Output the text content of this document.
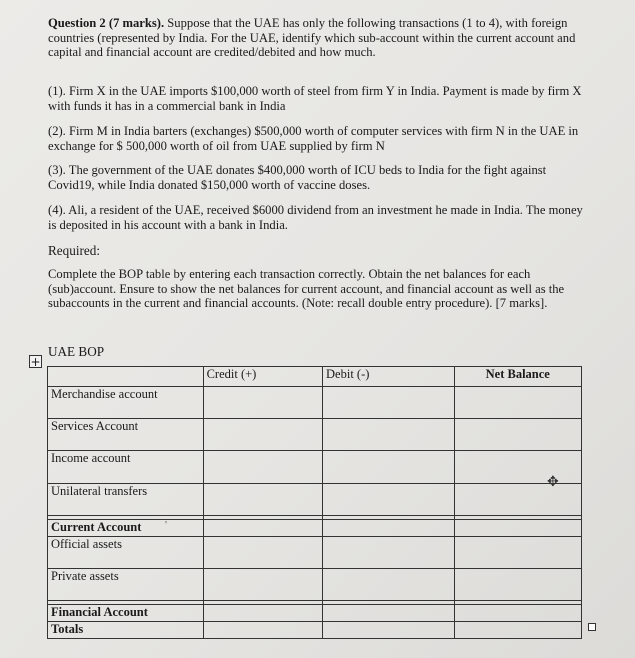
Question 2 (7 marks). Suppose that the UAE has only the following transactions (1 to 4), with foreign countries (represented by India. For the UAE, identify which sub-account within the current account and capital and financial account are credited/debited and how much.
(1). Firm X in the UAE imports $100,000 worth of steel from firm Y in India. Payment is made by firm X with funds it has in a commercial bank in India
(2). Firm M in India barters (exchanges) $500,000 worth of computer services with firm N in the UAE in exchange for $ 500,000 worth of oil from UAE supplied by firm N
(3). The government of the UAE donates $400,000 worth of ICU beds to India for the fight against Covid19, while India donated $150,000 worth of vaccine doses.
(4). Ali, a resident of the UAE, received $6000 dividend from an investment he made in India. The money is deposited in his account with a bank in India.
Required:
Complete the BOP table by entering each transaction correctly. Obtain the net balances for each (sub)account. Ensure to show the net balances for current account, and financial account as well as the subaccounts in the current and financial accounts. (Note: recall double entry procedure). [7 marks].
UAE BOP
+
	Credit (+)	Debit (-)	Net Balance
Merchandise account			
Services Account			
Income account			
Unilateral transfers			

Current Account			
Official assets			
Private assets			

Financial Account			
Totals			
'
✥
